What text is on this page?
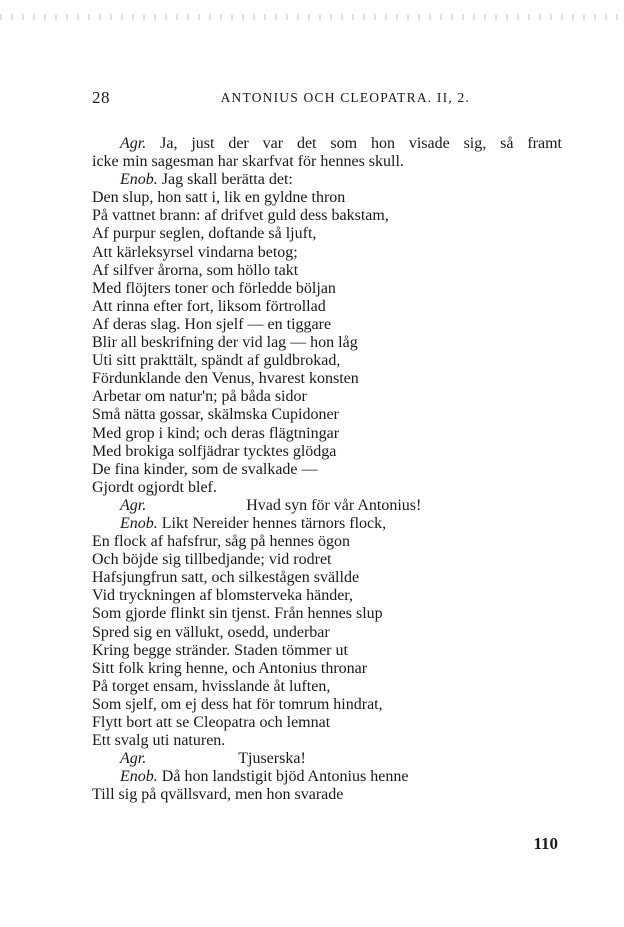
28	ANTONIUS OCH CLEOPATRA. II, 2.
Agr. Ja, just der var det som hon visade sig, så framt
icke min sagesman har skarfvat för hennes skull.
Enob. Jag skall berätta det:
Den slup, hon satt i, lik en gyldne thron
På vattnet brann: af drifvet guld dess bakstam,
Af purpur seglen, doftande så ljuft,
Att kärleksyrsel vindarna betog;
Af silfver årorna, som höllo takt
Med flöjters toner och förledde böljan
Att rinna efter fort, liksom förtrollad
Af deras slag. Hon sjelf — en tiggare
Blir all beskrifning der vid lag — hon låg
Uti sitt prakttält, spändt af guldbrokad,
Fördunklande den Venus, hvarest konsten
Arbetar om natur'n; på båda sidor
Små nätta gossar, skälmska Cupidoner
Med grop i kind; och deras flägtningar
Med brokiga solfjädrar tycktes glödga
De fina kinder, som de svalkade —
Gjordt ogjordt blef.
Agr.	Hvad syn för vår Antonius!
Enob. Likt Nereider hennes tärnors flock,
En flock af hafsfrur, såg på hennes ögon
Och böjde sig tillbedjande; vid rodret
Hafsjungfrun satt, och silkestågen svällde
Vid tryckningen af blomsterveka händer,
Som gjorde flinkt sin tjenst. Från hennes slup
Spred sig en vällukt, osedd, underbar
Kring begge stränder. Staden tömmer ut
Sitt folk kring henne, och Antonius thronar
På torget ensam, hvisslande åt luften,
Som sjelf, om ej dess hat för tomrum hindrat,
Flytt bort att se Cleopatra och lemnat
Ett svalg uti naturen.
Agr.	Tjuserska!
Enob. Då hon landstigit bjöd Antonius henne
Till sig på qvällsvard, men hon svarade
110
